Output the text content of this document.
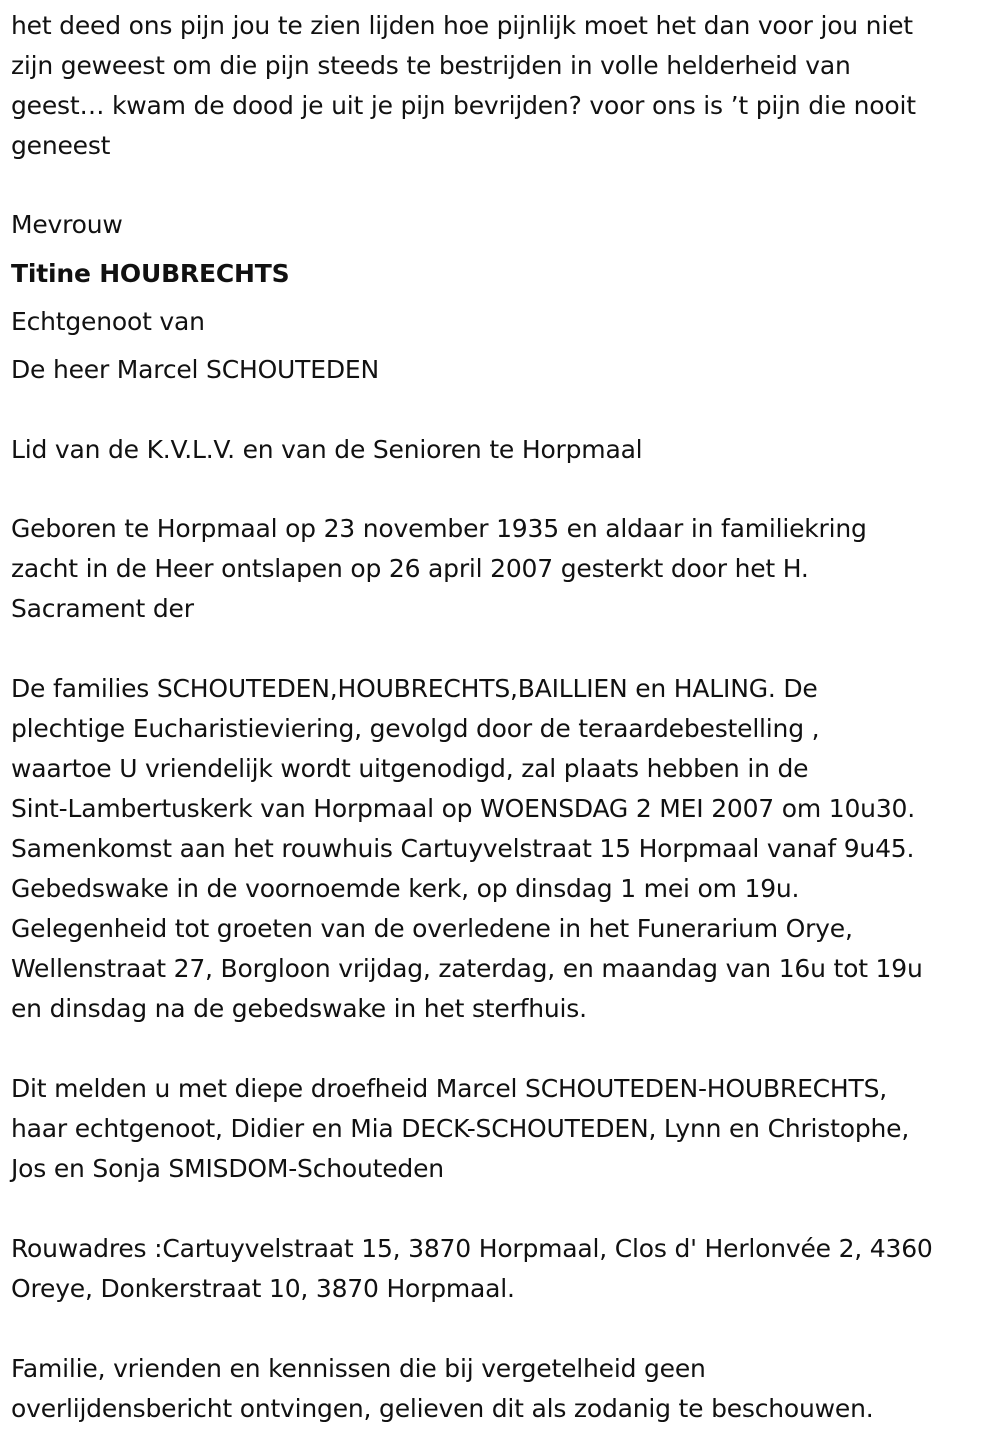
het deed ons pijn jou te zien lijden hoe pijnlijk moet het dan voor jou niet
zijn geweest om die pijn steeds te bestrijden in volle helderheid van
geest… kwam de dood je uit je pijn bevrijden? voor ons is ’t pijn die nooit
geneest
Mevrouw
Titine HOUBRECHTS
Echtgenoot van
De heer Marcel SCHOUTEDEN
Lid van de K.V.L.V. en van de Senioren te Horpmaal
Geboren te Horpmaal op 23 november 1935 en aldaar in familiekring
zacht in de Heer ontslapen op 26 april 2007 gesterkt door het H.
Sacrament der
De families SCHOUTEDEN,HOUBRECHTS,BAILLIEN en HALING. De
plechtige Eucharistieviering, gevolgd door de teraardebestelling ,
waartoe U vriendelijk wordt uitgenodigd, zal plaats hebben in de
Sint-Lambertuskerk van Horpmaal op WOENSDAG 2 MEI 2007 om 10u30.
Samenkomst aan het rouwhuis Cartuyvelstraat 15 Horpmaal vanaf 9u45.
Gebedswake in de voornoemde kerk, op dinsdag 1 mei om 19u.
Gelegenheid tot groeten van de overledene in het Funerarium Orye,
Wellenstraat 27, Borgloon vrijdag, zaterdag, en maandag van 16u tot 19u
en dinsdag na de gebedswake in het sterfhuis.
Dit melden u met diepe droefheid Marcel SCHOUTEDEN-HOUBRECHTS,
haar echtgenoot, Didier en Mia DECK-SCHOUTEDEN, Lynn en Christophe,
Jos en Sonja SMISDOM-Schouteden
Rouwadres :Cartuyvelstraat 15, 3870 Horpmaal, Clos d' Herlonvée 2, 4360
Oreye, Donkerstraat 10, 3870 Horpmaal.
Familie, vrienden en kennissen die bij vergetelheid geen
overlijdensbericht ontvingen, gelieven dit als zodanig te beschouwen.
